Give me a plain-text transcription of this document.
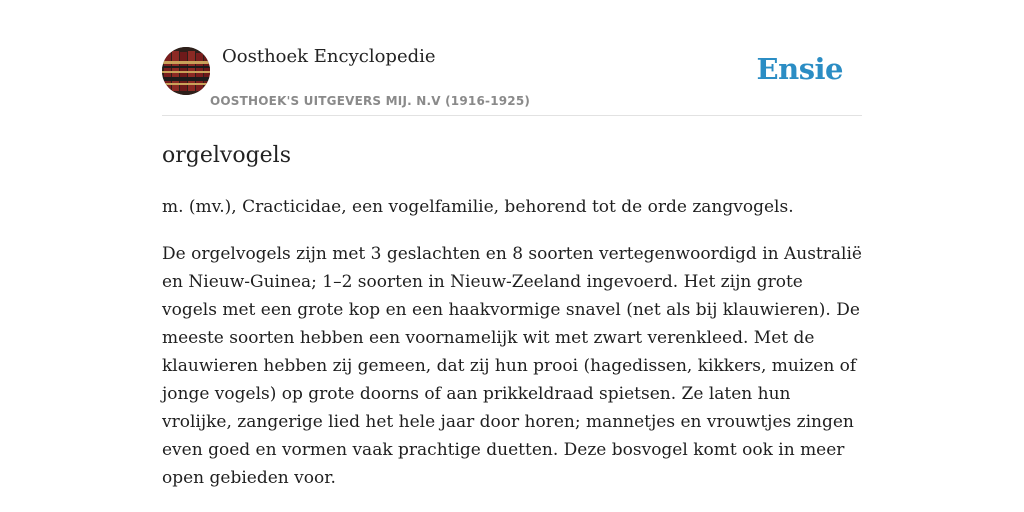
Oosthoek Encyclopedie
OOSTHOEK'S UITGEVERS MIJ. N.V (1916-1925)
Ensie
orgelvogels

m. (mv.), Cracticidae, een vogelfamilie, behorend tot de orde zangvogels.

De orgelvogels zijn met 3 geslachten en 8 soorten vertegenwoordigd in Australië en Nieuw-Guinea; 1–2 soorten in Nieuw-Zeeland ingevoerd. Het zijn grote vogels met een grote kop en een haakvormige snavel (net als bij klauwieren). De meeste soorten hebben een voornamelijk wit met zwart verenkleed. Met de klauwieren hebben zij gemeen, dat zij hun prooi (hagedissen, kikkers, muizen of jonge vogels) op grote doorns of aan prikkeldraad spietsen. Ze laten hun vrolijke, zangerige lied het hele jaar door horen; mannetjes en vrouwtjes zingen even goed en vormen vaak prachtige duetten. Deze bosvogel komt ook in meer open gebieden voor.
